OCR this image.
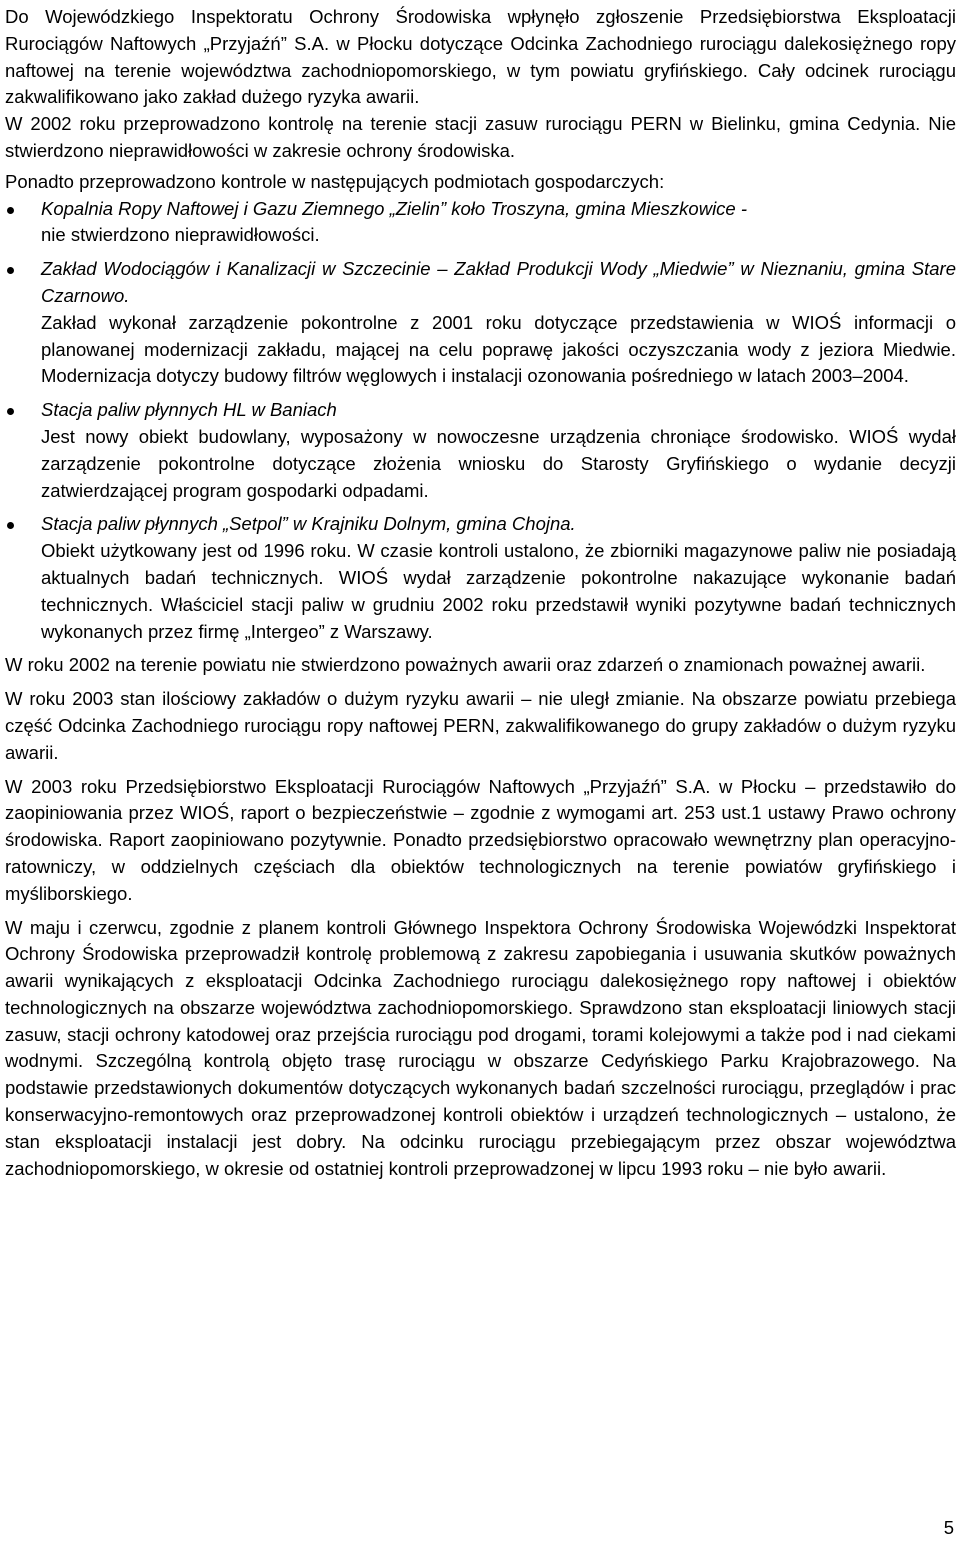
Do Wojewódzkiego Inspektoratu Ochrony Środowiska wpłynęło zgłoszenie Przedsiębiorstwa Eksploatacji Rurociągów Naftowych „Przyjaźń” S.A. w Płocku dotyczące Odcinka Zachodniego rurociągu dalekosiężnego ropy naftowej na terenie województwa zachodniopomorskiego, w tym powiatu gryfińskiego. Cały odcinek rurociągu zakwalifikowano jako zakład dużego ryzyka awarii.

W 2002 roku przeprowadzono kontrolę na terenie stacji zasuw rurociągu PERN w Bielinku, gmina Cedynia. Nie stwierdzono nieprawidłowości w zakresie ochrony środowiska.

Ponadto przeprowadzono kontrole w następujących podmiotach gospodarczych:

Kopalnia Ropy Naftowej i Gazu Ziemnego „Zielin” koło Troszyna, gmina Mieszkowice -

nie stwierdzono nieprawidłowości.

Zakład Wodociągów i Kanalizacji w Szczecinie – Zakład Produkcji Wody „Miedwie” w Nieznaniu, gmina Stare Czarnowo.

Zakład wykonał zarządzenie pokontrolne z 2001 roku dotyczące przedstawienia w WIOŚ informacji o planowanej modernizacji zakładu, mającej na celu poprawę jakości oczyszczania wody z jeziora Miedwie. Modernizacja dotyczy budowy filtrów węglowych i instalacji ozonowania pośredniego w latach 2003–2004.

Stacja paliw płynnych HL w Baniach

Jest nowy obiekt budowlany, wyposażony w nowoczesne urządzenia chroniące środowisko. WIOŚ wydał zarządzenie pokontrolne dotyczące złożenia wniosku do Starosty Gryfińskiego o wydanie decyzji zatwierdzającej program gospodarki odpadami.

Stacja paliw płynnych „Setpol” w Krajniku Dolnym, gmina Chojna.

Obiekt użytkowany jest od 1996 roku. W czasie kontroli ustalono, że zbiorniki magazynowe paliw nie posiadają aktualnych badań technicznych. WIOŚ wydał zarządzenie pokontrolne nakazujące wykonanie badań technicznych. Właściciel stacji paliw w grudniu 2002 roku przedstawił wyniki pozytywne badań technicznych wykonanych przez firmę „Intergeo” z Warszawy.

W roku 2002 na terenie powiatu nie stwierdzono poważnych awarii oraz zdarzeń o znamionach poważnej awarii.

W roku 2003 stan ilościowy zakładów o dużym ryzyku awarii – nie uległ zmianie. Na obszarze powiatu przebiega część Odcinka Zachodniego rurociągu ropy naftowej PERN, zakwalifikowanego do grupy zakładów o dużym ryzyku awarii.

W 2003 roku Przedsiębiorstwo Eksploatacji Rurociągów Naftowych „Przyjaźń” S.A. w Płocku – przedstawiło do zaopiniowania przez WIOŚ, raport o bezpieczeństwie – zgodnie z wymogami art. 253 ust.1 ustawy Prawo ochrony środowiska. Raport zaopiniowano pozytywnie. Ponadto przedsiębiorstwo opracowało wewnętrzny plan operacyjno-ratowniczy, w oddzielnych częściach dla obiektów technologicznych na terenie powiatów gryfińskiego i myśliborskiego.

W maju i czerwcu, zgodnie z planem kontroli Głównego Inspektora Ochrony Środowiska Wojewódzki Inspektorat Ochrony Środowiska przeprowadził kontrolę problemową z zakresu zapobiegania i usuwania skutków poważnych awarii wynikających z eksploatacji Odcinka Zachodniego rurociągu dalekosiężnego ropy naftowej i obiektów technologicznych na obszarze województwa zachodniopomorskiego. Sprawdzono stan eksploatacji liniowych stacji zasuw, stacji ochrony katodowej oraz przejścia rurociągu pod drogami, torami kolejowymi a także pod i nad ciekami wodnymi. Szczególną kontrolą objęto trasę rurociągu w obszarze Cedyńskiego Parku Krajobrazowego. Na podstawie przedstawionych dokumentów dotyczących wykonanych badań szczelności rurociągu, przeglądów i prac konserwacyjno-remontowych oraz przeprowadzonej kontroli obiektów i urządzeń technologicznych – ustalono, że stan eksploatacji instalacji jest dobry. Na odcinku rurociągu przebiegającym przez obszar województwa zachodniopomorskiego, w okresie od ostatniej kontroli przeprowadzonej w lipcu 1993 roku – nie było awarii.

5
